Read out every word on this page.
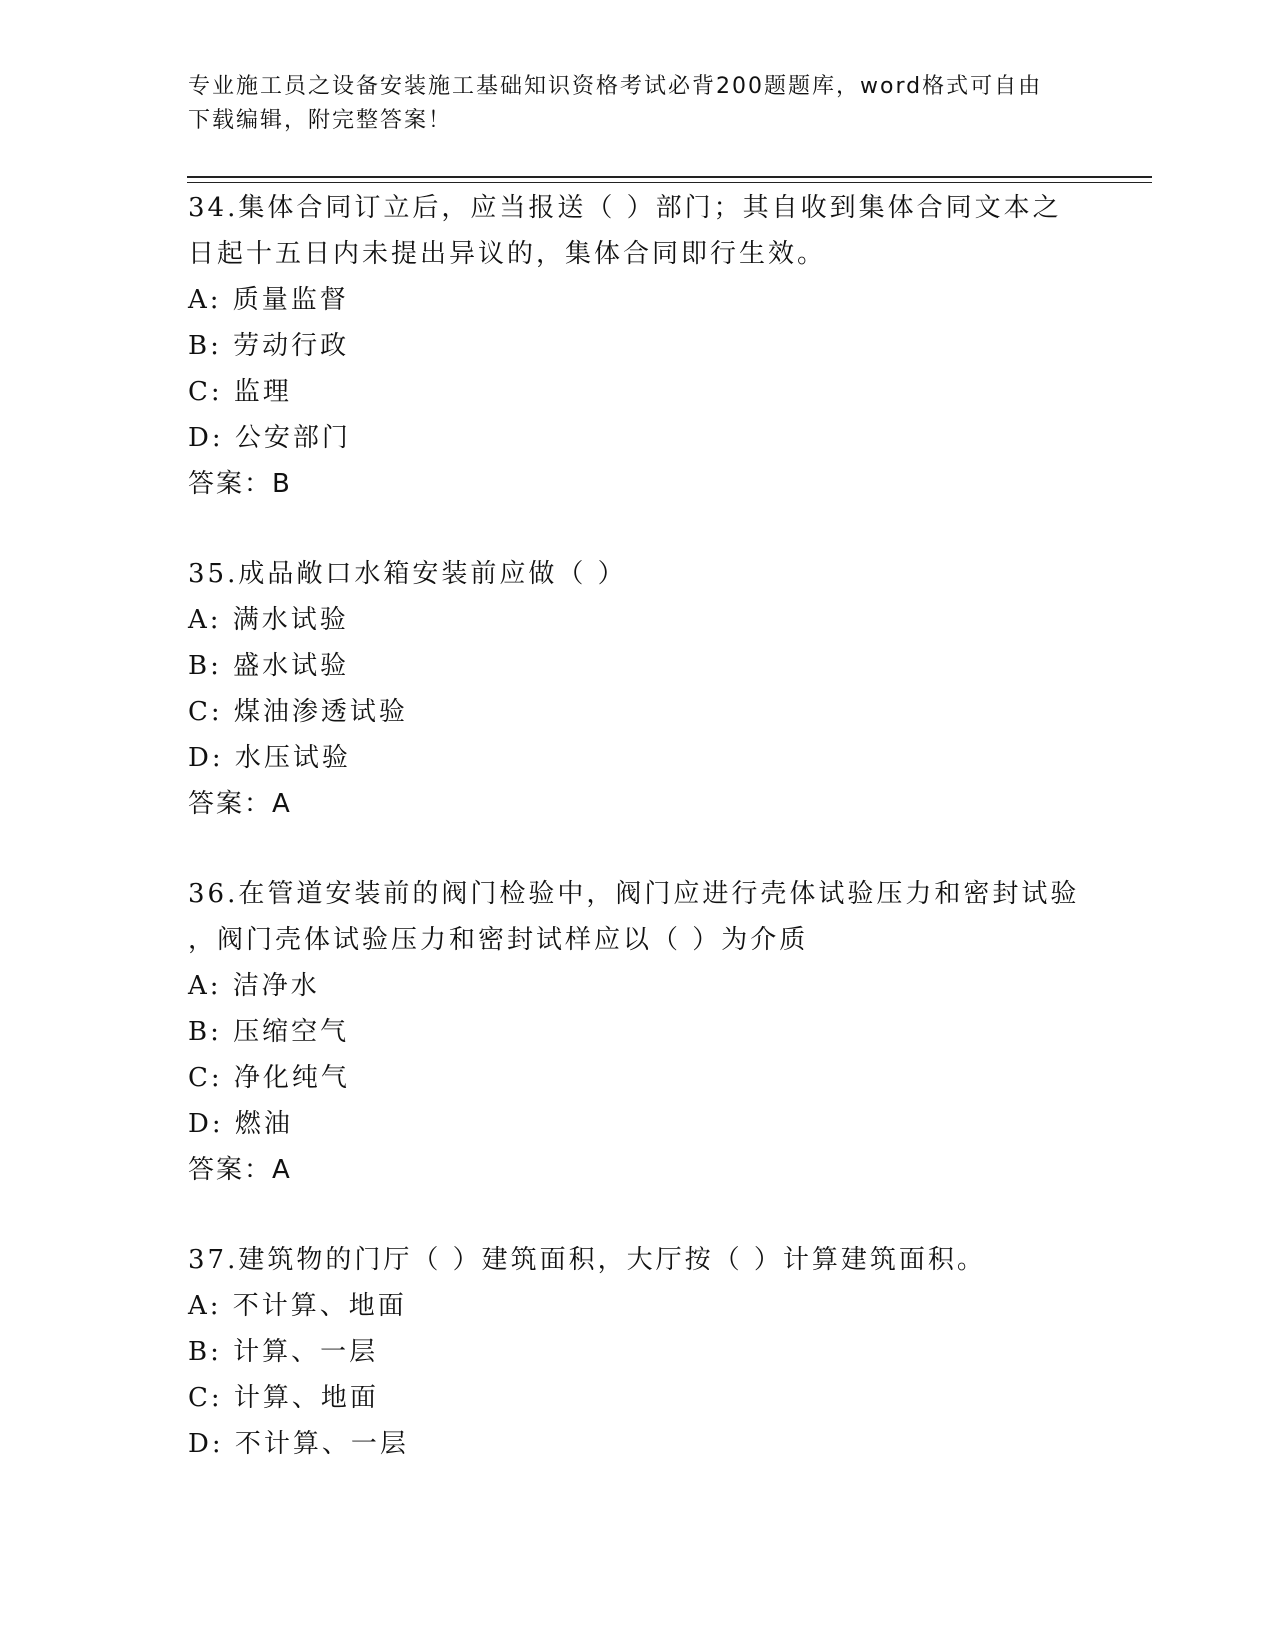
专业施工员之设备安装施工基础知识资格考试必背200题题库，word格式可自由
下载编辑，附完整答案！

34.集体合同订立后，应当报送（ ）部门；其自收到集体合同文本之

日起十五日内未提出异议的，集体合同即行生效。

A: 质量监督

B: 劳动行政

C: 监理

D: 公安部门

答案：B

35.成品敞口水箱安装前应做（ ）

A: 满水试验

B: 盛水试验

C: 煤油渗透试验

D: 水压试验

答案：A

36.在管道安装前的阀门检验中，阀门应进行壳体试验压力和密封试验

，阀门壳体试验压力和密封试样应以（ ）为介质

A: 洁净水

B: 压缩空气

C: 净化纯气

D: 燃油

答案：A

37.建筑物的门厅（ ）建筑面积，大厅按（ ）计算建筑面积。

A: 不计算、地面

B: 计算、一层

C: 计算、地面

D: 不计算、一层
